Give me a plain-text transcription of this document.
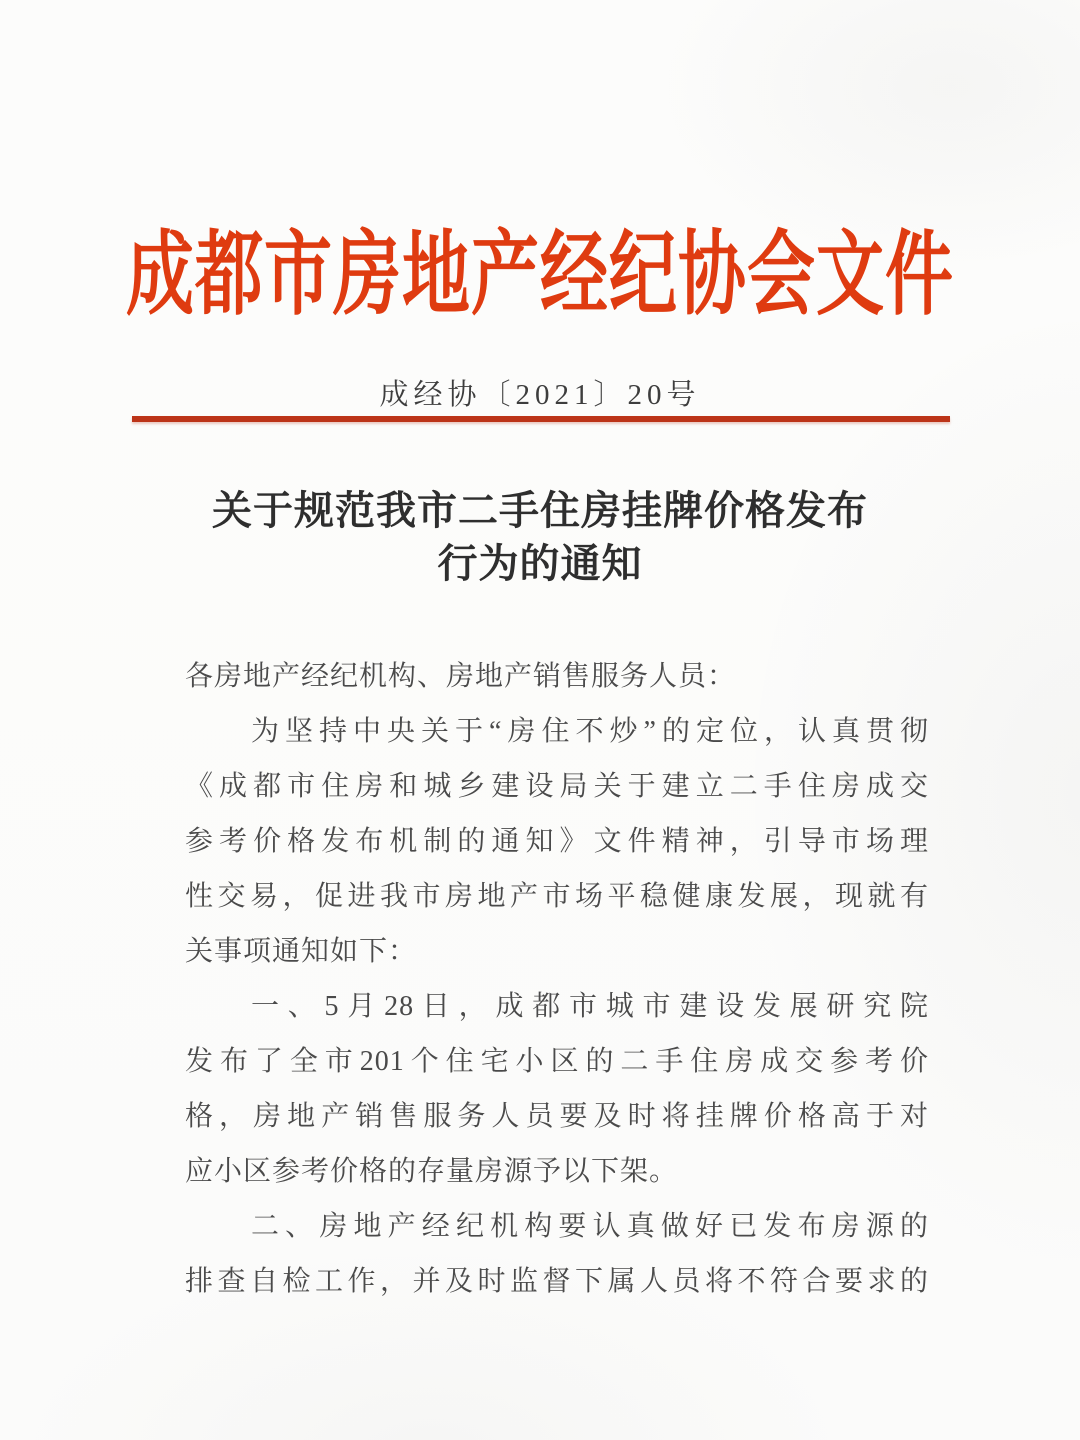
成都市房地产经纪协会文件
成经协〔2021〕20号
关于规范我市二手住房挂牌价格发布
行为的通知
各房地产经纪机构、房地产销售服务人员：
为坚持中央关于“房住不炒”的定位，认真贯彻
《成都市住房和城乡建设局关于建立二手住房成交
参考价格发布机制的通知》文件精神，引导市场理
性交易，促进我市房地产市场平稳健康发展，现就有
关事项通知如下：
一、5月28日，成都市城市建设发展研究院
发布了全市201个住宅小区的二手住房成交参考价
格，房地产销售服务人员要及时将挂牌价格高于对
应小区参考价格的存量房源予以下架。
二、房地产经纪机构要认真做好已发布房源的
排查自检工作，并及时监督下属人员将不符合要求的
